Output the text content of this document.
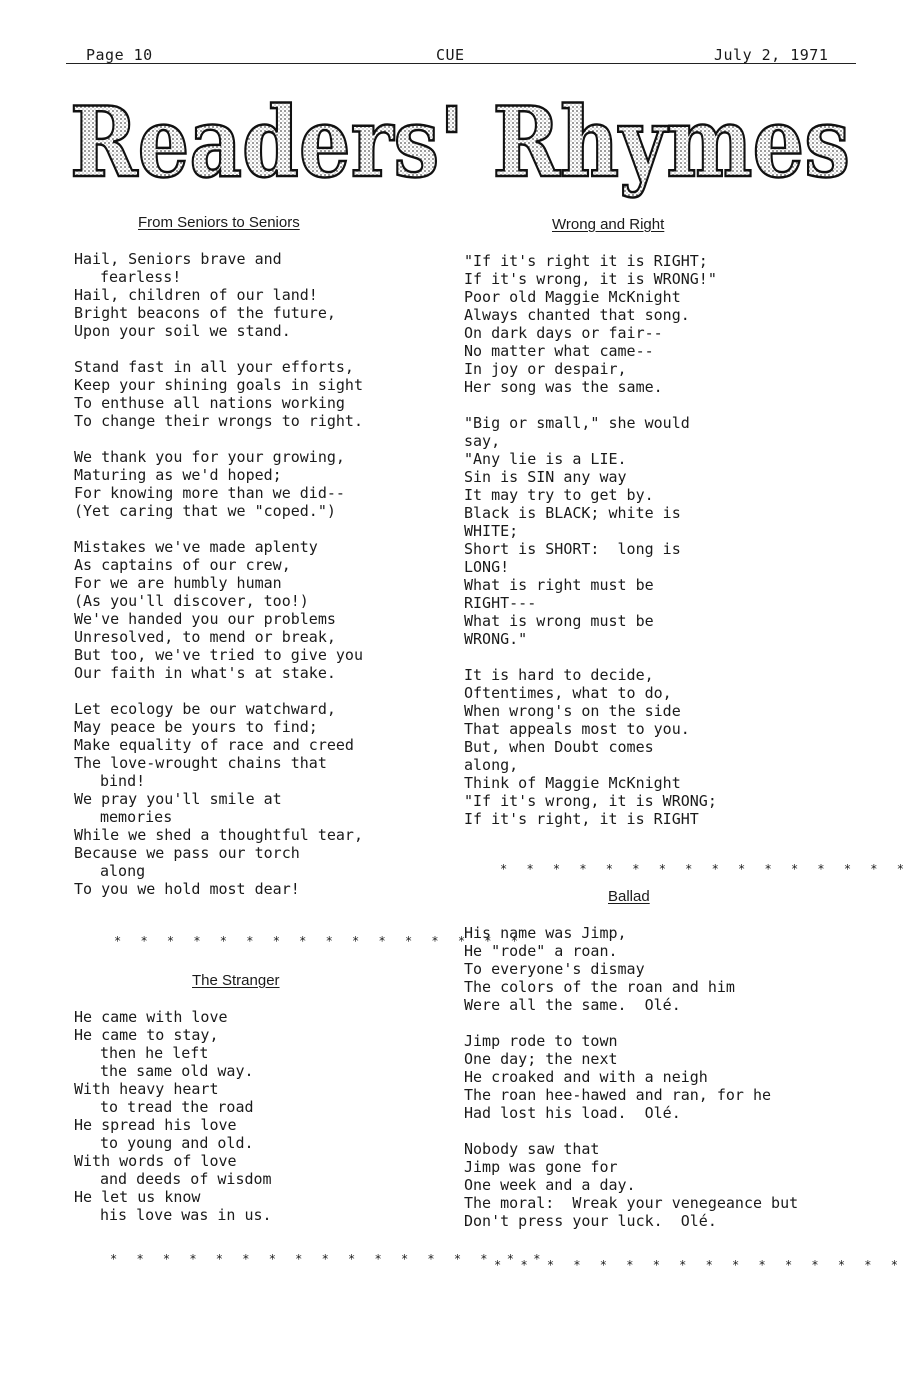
Page 10	CUE	July 2, 1971
Readers' Rhymes
From Seniors to Seniors
Hail, Seniors brave and
fearless!
Hail, children of our land!
Bright beacons of the future,
Upon your soil we stand.
Stand fast in all your efforts,
Keep your shining goals in sight
To enthuse all nations working
To change their wrongs to right.
We thank you for your growing,
Maturing as we'd hoped;
For knowing more than we did--
(Yet caring that we "coped.")
Mistakes we've made aplenty
As captains of our crew,
For we are humbly human
(As you'll discover, too!)
We've handed you our problems
Unresolved, to mend or break,
But too, we've tried to give you
Our faith in what's at stake.
Let ecology be our watchward,
May peace be yours to find;
Make equality of race and creed
The love-wrought chains that
bind!
We pray you'll smile at
memories
While we shed a thoughtful tear,
Because we pass our torch
along
To you we hold most dear!
* * * * * * * * * * * * * * * *
The Stranger
He came with love
He came to stay,
then he left
the same old way.
With heavy heart
to tread the road
He spread his love
to young and old.
With words of love
and deeds of wisdom
He let us know
his love was in us.
* * * * * * * * * * * * * * * * *
Wrong and Right
"If it's right it is RIGHT;
If it's wrong, it is WRONG!"
Poor old Maggie McKnight
Always chanted that song.
On dark days or fair--
No matter what came--
In joy or despair,
Her song was the same.
"Big or small," she would
say,
"Any lie is a LIE.
Sin is SIN any way
It may try to get by.
Black is BLACK; white is
WHITE;
Short is SHORT:  long is
LONG!
What is right must be
RIGHT---
What is wrong must be
WRONG."
It is hard to decide,
Oftentimes, what to do,
When wrong's on the side
That appeals most to you.
But, when Doubt comes
along,
Think of Maggie McKnight
"If it's wrong, it is WRONG;
If it's right, it is RIGHT
* * * * * * * * * * * * * * * *
Ballad
His name was Jimp,
He "rode" a roan.
To everyone's dismay
The colors of the roan and him
Were all the same.  Olé.
Jimp rode to town
One day; the next
He croaked and with a neigh
The roan hee-hawed and ran, for he
Had lost his load.  Olé.
Nobody saw that
Jimp was gone for
One week and a day.
The moral:  Wreak your venegeance but
Don't press your luck.  Olé.
* * * * * * * * * * * * * * * *
